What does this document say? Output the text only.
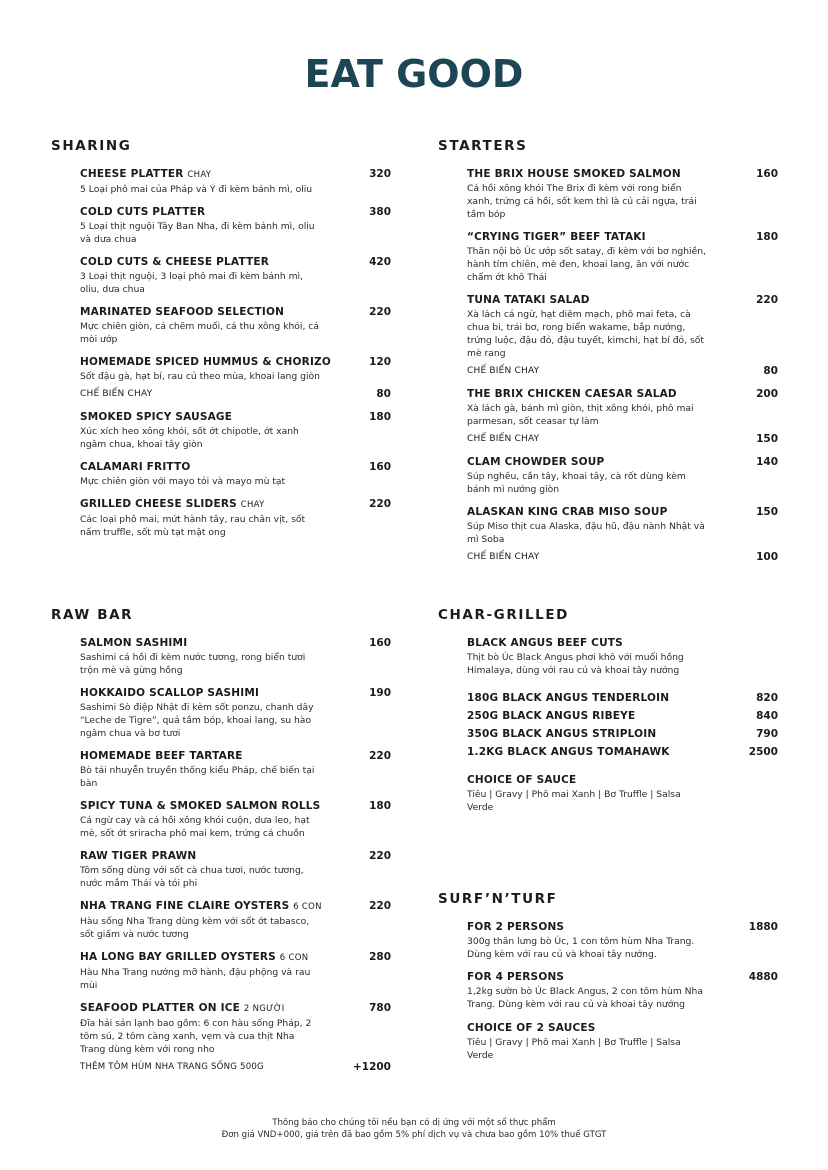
EAT GOOD
SHARING
CHEESE PLATTER CHAY	320
5 Loại phô mai của Pháp và Ý đi kèm bánh mì, oliu
COLD CUTS PLATTER	380
5 Loại thịt nguội Tây Ban Nha, đi kèm bánh mì, oliu và dưa chua
COLD CUTS & CHEESE PLATTER	420
3 Loại thịt nguội, 3 loại phô mai đi kèm bánh mì, oliu, dưa chua
MARINATED SEAFOOD SELECTION	220
Mực chiên giòn, cá chẽm muối, cá thu xông khói, cá mòi ướp
HOMEMADE SPICED HUMMUS & CHORIZO	120
Sốt đậu gà, hạt bí, rau củ theo mùa, khoai lang giòn
CHẾ BIẾN CHAY	80
SMOKED SPICY SAUSAGE	180
Xúc xích heo xông khói, sốt ớt chipotle, ớt xanh ngâm chua, khoai tây giòn
CALAMARI FRITTO	160
Mực chiên giòn với mayo tỏi và mayo mù tạt
GRILLED CHEESE SLIDERS CHAY	220
Các loại phô mai, mứt hành tây, rau chân vịt, sốt nấm truffle, sốt mù tạt mật ong
STARTERS
THE BRIX HOUSE SMOKED SALMON	160
Cá hồi xông khói The Brix đi kèm với rong biển xanh, trứng cá hồi, sốt kem thì là củ cải ngựa, trái tầm bóp
“CRYING TIGER” BEEF TATAKI	180
Thăn nội bò Úc ướp sốt satay, đi kèm với bơ nghiền, hành tím chiên, mè đen, khoai lang, ăn với nước chấm ớt khô Thái
TUNA TATAKI SALAD	220
Xà lách cá ngừ, hạt diêm mạch, phô mai feta, cà chua bi, trái bơ, rong biển wakame, bắp nướng, trứng luộc, đậu đỏ, đậu tuyết, kimchi, hạt bí đỏ, sốt mè rang
CHẾ BIẾN CHAY	80
THE BRIX CHICKEN CAESAR SALAD	200
Xà lách gà, bánh mì giòn, thịt xông khói, phô mai parmesan, sốt ceasar tự làm
CHẾ BIẾN CHAY	150
CLAM CHOWDER SOUP	140
Súp nghêu, cần tây, khoai tây, cà rốt dùng kèm bánh mì nướng giòn
ALASKAN KING CRAB MISO SOUP	150
Súp Miso thịt cua Alaska, đậu hũ, đậu nành Nhật và mì Soba
CHẾ BIẾN CHAY	100
RAW BAR
SALMON SASHIMI	160
Sashimi cá hồi đi kèm nước tương, rong biển tươi trộn mè và gừng hồng
HOKKAIDO SCALLOP SASHIMI	190
Sashimi Sò điệp Nhật đi kèm sốt ponzu, chanh dây “Leche de Tigre”, quả tầm bóp, khoai lang, su hào ngâm chua và bơ tươi
HOMEMADE BEEF TARTARE	220
Bò tái nhuyễn truyền thống kiểu Pháp, chế biến tại bàn
SPICY TUNA & SMOKED SALMON ROLLS	180
Cá ngừ cay và cá hồi xông khói cuộn, dưa leo, hạt mè, sốt ớt sriracha phô mai kem, trứng cá chuồn
RAW TIGER PRAWN	220
Tôm sống dùng với sốt cà chua tươi, nước tương, nước mắm Thái và tỏi phi
NHA TRANG FINE CLAIRE OYSTERS 6 CON	220
Hàu sống Nha Trang dùng kèm với sốt ớt tabasco, sốt giấm và nước tương
HA LONG BAY GRILLED OYSTERS 6 CON	280
Hàu Nha Trang nướng mỡ hành, đậu phộng và rau mùi
SEAFOOD PLATTER ON ICE 2 NGƯỜI	780
Đĩa hải sản lạnh bao gồm: 6 con hàu sống Pháp, 2 tôm sú, 2 tôm càng xanh, vẹm và cua thịt Nha Trang dùng kèm với rong nho
THÊM TÔM HÙM NHA TRANG SỐNG 500G	+1200
CHAR-GRILLED
BLACK ANGUS BEEF CUTS
Thịt bò Úc Black Angus phơi khô với muối hồng Himalaya, dùng với rau củ và khoai tây nướng
180G BLACK ANGUS TENDERLOIN	820
250G BLACK ANGUS RIBEYE	840
350G BLACK ANGUS STRIPLOIN	790
1.2KG BLACK ANGUS TOMAHAWK	2500
CHOICE OF SAUCE
Tiêu | Gravy | Phô mai Xanh | Bơ Truffle | Salsa Verde
SURF’N’TURF
FOR 2 PERSONS	1880
300g thăn lưng bò Úc, 1 con tôm hùm Nha Trang. Dùng kèm với rau củ và khoai tây nướng.
FOR 4 PERSONS	4880
1,2kg sườn bò Úc Black Angus, 2 con tôm hùm Nha Trang. Dùng kèm với rau củ và khoai tây nướng
CHOICE OF 2 SAUCES
Tiêu | Gravy | Phô mai Xanh | Bơ Truffle | Salsa Verde
Thông báo cho chúng tôi nếu bạn có dị ứng với một số thực phẩm
Đơn giá VND+000, giá trên đã bao gồm 5% phí dịch vụ và chưa bao gồm 10% thuế GTGT
